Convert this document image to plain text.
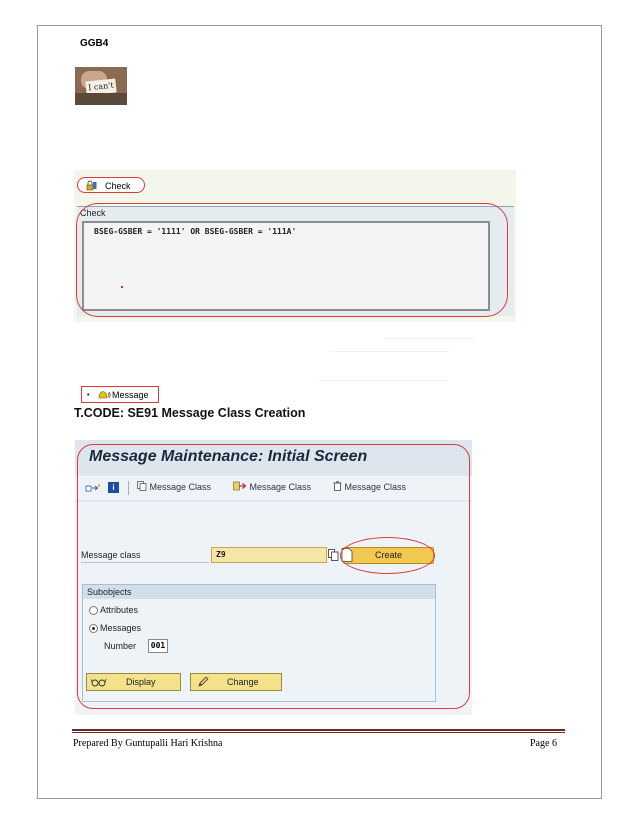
GGB4
I can't
Check
Check
BSEG-GSBER = '1111' OR BSEG-GSBER = '111A'
•	Message
T.CODE: SE91 Message Class Creation
Message Maintenance: Initial Screen
i	Message Class	Message Class	Message Class
Message class	Z9	Create
Subobjects
Attributes
Messages
Number	001
Display	Change
Prepared By Guntupalli Hari Krishna	Page 6
